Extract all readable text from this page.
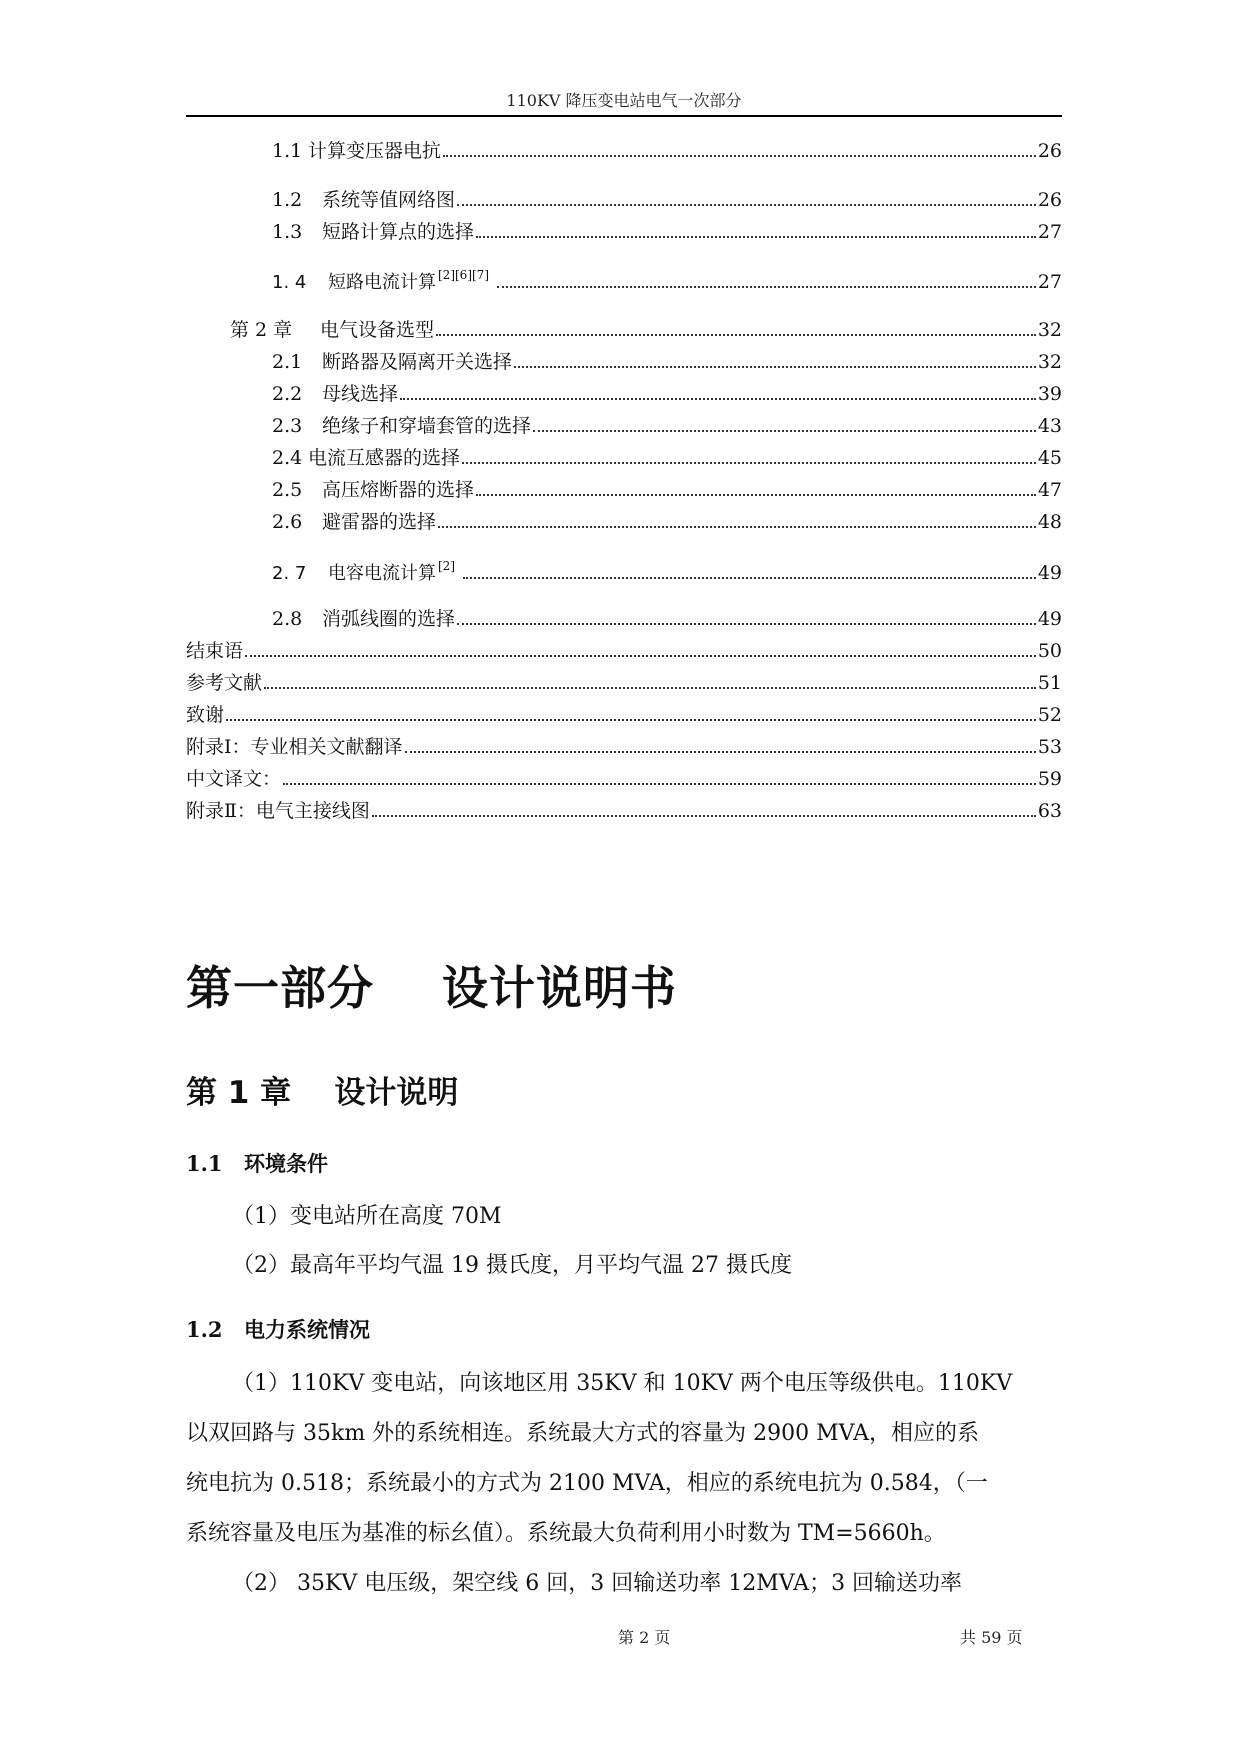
110KV 降压变电站电气一次部分
1.1 计算变压器电抗	26
1.2	系统等值网络图	26
1.3	短路计算点的选择	27
1. 4	短路电流计算 [2][6][7]	27
第 2 章	电气设备选型	32
2.1	断路器及隔离开关选择	32
2.2	母线选择	39
2.3	绝缘子和穿墙套管的选择	43
2.4 电流互感器的选择	45
2.5	高压熔断器的选择	47
2.6	避雷器的选择	48
2. 7	电容电流计算 [2]	49
2.8	消弧线圈的选择	49
结束语	50
参考文献	51
致谢	52
附录Ⅰ：专业相关文献翻译	53
中文译文：	59
附录Ⅱ：电气主接线图	63
第一部分    设计说明书
第 1 章    设计说明
1.1 环境条件
（1）变电站所在高度 70M
（2）最高年平均气温 19 摄氏度，月平均气温 27 摄氏度
1.2 电力系统情况
（1）110KV 变电站，向该地区用 35KV 和 10KV 两个电压等级供电。110KV
以双回路与 35km 外的系统相连。系统最大方式的容量为 2900 MVA，相应的系
统电抗为 0.518；系统最小的方式为 2100 MVA，相应的系统电抗为 0.584，（一
系统容量及电压为基准的标幺值）。系统最大负荷利用小时数为 TM=5660h。
（2） 35KV 电压级，架空线 6 回，3 回输送功率 12MVA；3 回输送功率
第 2 页	共 59 页
